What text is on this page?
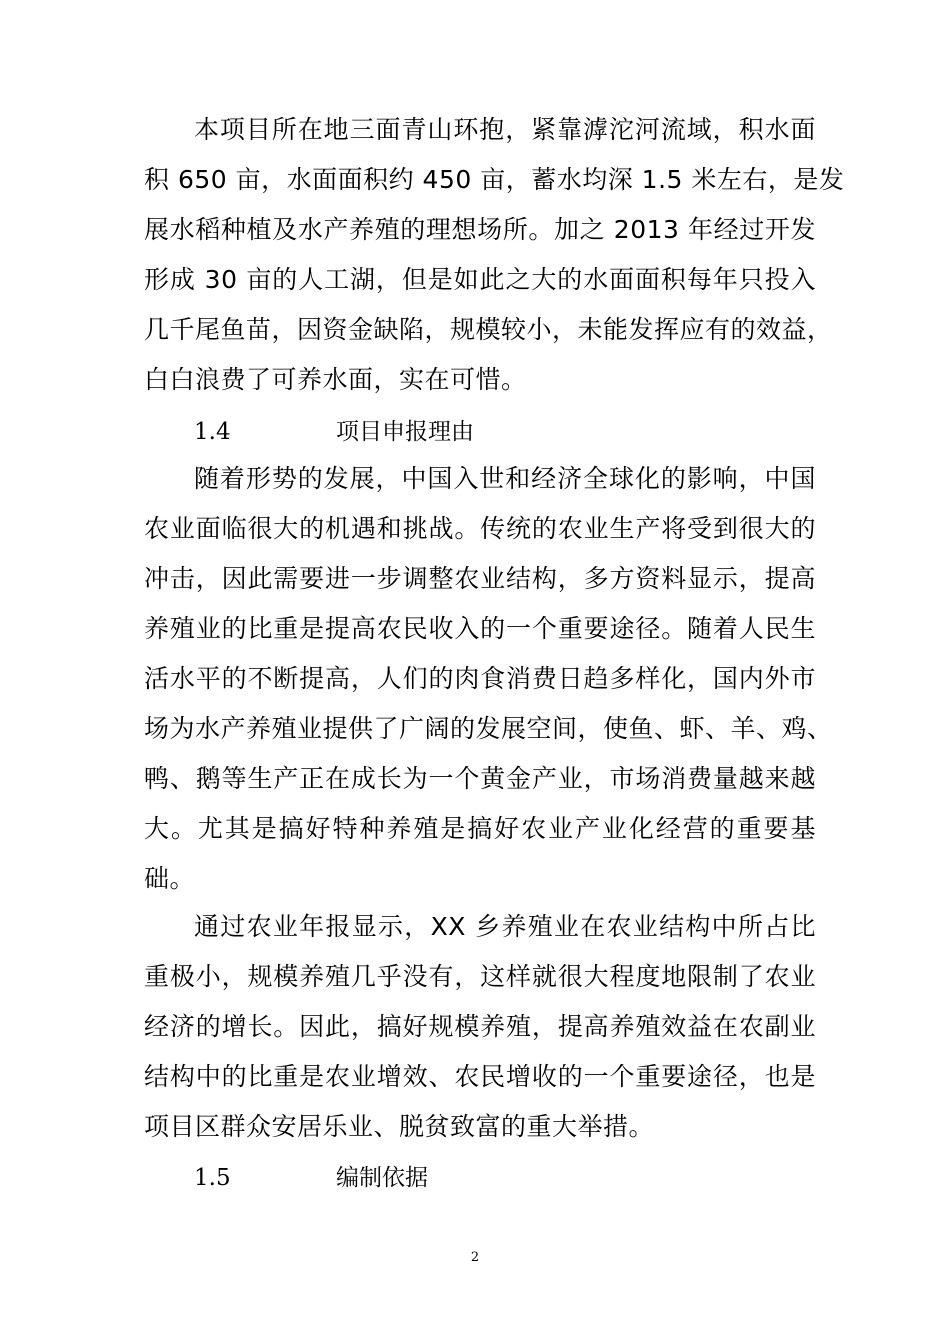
本项目所在地三面青山环抱，紧靠滹沱河流域，积水面
积 650 亩，水面面积约 450 亩，蓄水均深 1.5 米左右，是发
展水稻种植及水产养殖的理想场所。加之 2013 年经过开发
形成 30 亩的人工湖，但是如此之大的水面面积每年只投入
几千尾鱼苗，因资金缺陷，规模较小，未能发挥应有的效益，
白白浪费了可养水面，实在可惜。
1.4	项目申报理由
随着形势的发展，中国入世和经济全球化的影响，中国
农业面临很大的机遇和挑战。传统的农业生产将受到很大的
冲击，因此需要进一步调整农业结构，多方资料显示，提高
养殖业的比重是提高农民收入的一个重要途径。随着人民生
活水平的不断提高，人们的肉食消费日趋多样化，国内外市
场为水产养殖业提供了广阔的发展空间，使鱼、虾、羊、鸡、
鸭、鹅等生产正在成长为一个黄金产业，市场消费量越来越
大。尤其是搞好特种养殖是搞好农业产业化经营的重要基
础。
通过农业年报显示，XX 乡养殖业在农业结构中所占比
重极小，规模养殖几乎没有，这样就很大程度地限制了农业
经济的增长。因此，搞好规模养殖，提高养殖效益在农副业
结构中的比重是农业增效、农民增收的一个重要途径，也是
项目区群众安居乐业、脱贫致富的重大举措。
1.5	编制依据
2
